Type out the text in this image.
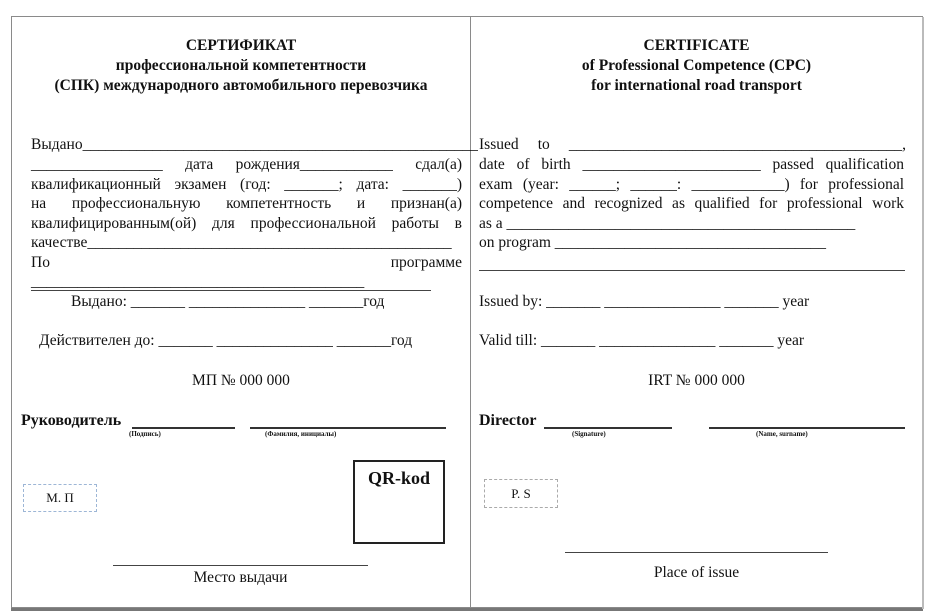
СЕРТИФИКАТ
профессиональной компетентности
(СПК) международного автомобильного перевозчика
Выдано___________________________________________________
_________________ дата рождения____________ сдал(а)
квалификационный экзамен (год: _______; дата: _______)
на профессиональную компетентность и признан(а)
квалифицированным(ой) для профессиональной работы в
качестве_______________________________________________
По программе ___________________________________________
Выдано: _______ _______________ _______год
Действителен до: _______ _______________ _______год
МП № 000 000
Руководитель
(Подпись)	(Фамилия, инициалы)
М. П
QR-kod
Место выдачи
CERTIFICATE
of Professional Competence (CPC)
for international road transport
Issued to ___________________________________________,
date of birth _______________________ passed qualification
exam (year: ______; ______: ____________) for professional
competence and recognized as qualified for professional work
as a _____________________________________________
on program ___________________________________
Issued by: _______ _______________ _______ year
Valid till: _______ _______________ _______ year
IRT № 000 000
Director
(Signature)	(Name, surname)
P. S
Place of issue
